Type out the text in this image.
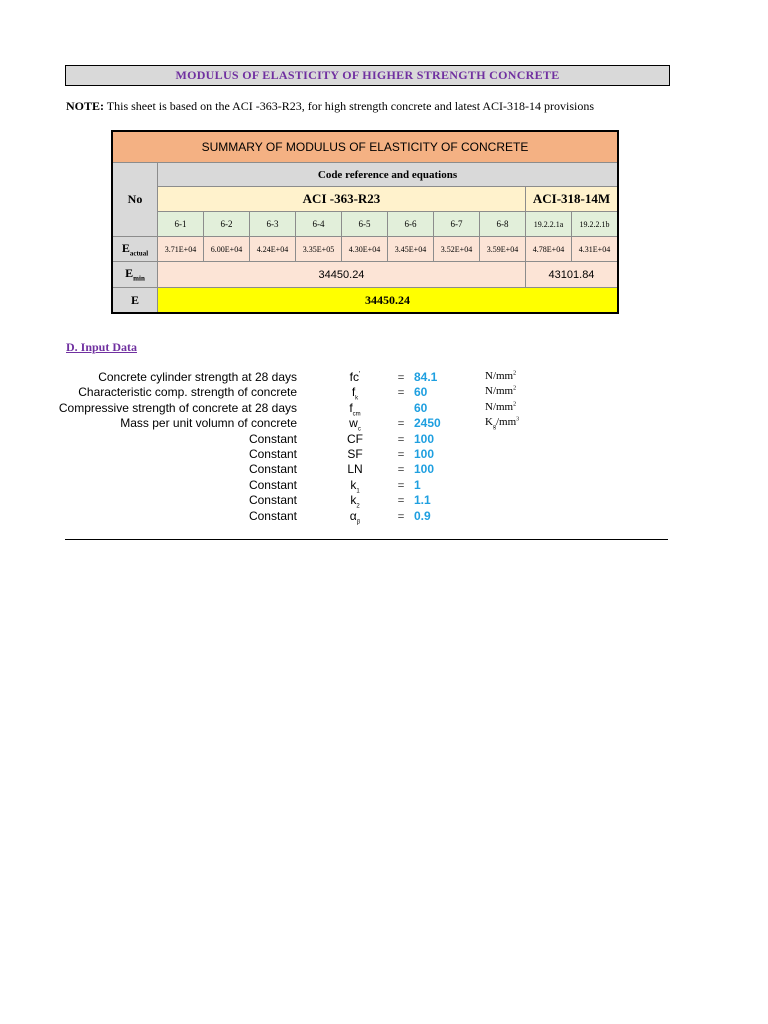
MODULUS OF ELASTICITY OF HIGHER STRENGTH CONCRETE
NOTE: This sheet is based on the ACI -363-R23, for high strength concrete and latest ACI-318-14 provisions
SUMMARY OF MODULUS OF ELASTICITY OF CONCRETE										
No	Code reference and equations									
	ACI -363-R23								ACI-318-14M	
	6-1	6-2	6-3	6-4	6-5	6-6	6-7	6-8	19.2.2.1a	19.2.2.1b
$E_{actual}$	3.71E+04	6.00E+04	4.24E+04	3.35E+05	4.30E+04	3.45E+04	3.52E+04	3.59E+04	4.78E+04	4.31E+04
$E_{min}$	34450.24								43101.84	
E	34450.24									
D. Input Data
Concrete cylinder strength at 28 days	fc'	= 84.1	$N/mm^2$
Characteristic comp. strength of concrete	$f_k$	= 60	$N/mm^2$
Compressive strength of concrete at 28 days	$f_{cm}$	60	$N/mm^2$
Mass per unit volumn of concrete	$w_c$	= 2450	$K_g/mm^3$
Constant	CF	= 100
Constant	SF	= 100
Constant	LN	= 100
Constant	$k_1$	= 1
Constant	$k_2$	= 1.1
Constant	$\alpha_\beta$	= 0.9
